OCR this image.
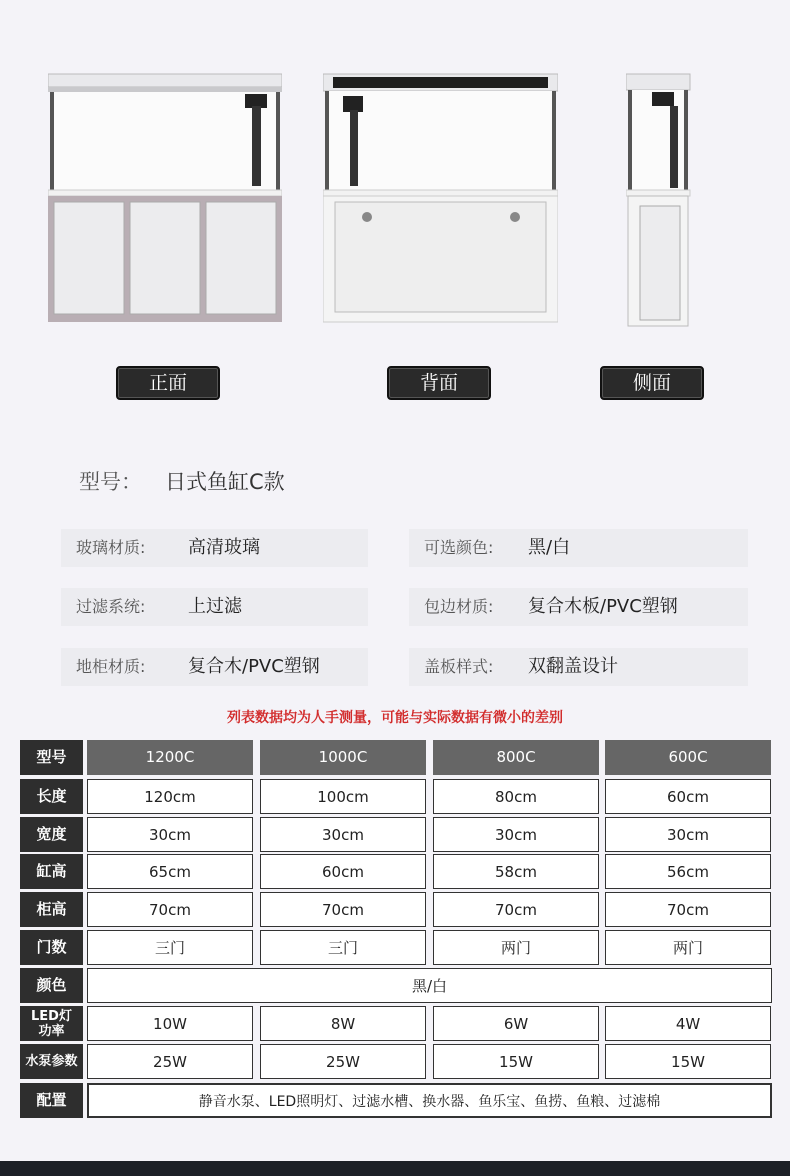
正面	背面	侧面
型号： 日式鱼缸C款
玻璃材质: 高清玻璃	可选颜色: 黑/白
过滤系统: 上过滤	包边材质: 复合木板/PVC塑钢
地柜材质: 复合木/PVC塑钢	盖板样式: 双翻盖设计
列表数据均为人手测量，可能与实际数据有微小的差别
型号	1200C	1000C	800C	600C
长度	120cm	100cm	80cm	60cm
宽度	30cm	30cm	30cm	30cm
缸高	65cm	60cm	58cm	56cm
柜高	70cm	70cm	70cm	70cm
门数	三门	三门	两门	两门
颜色	黑/白
LED灯
功率	10W	8W	6W	4W
水泵参数	25W	25W	15W	15W
配置	静音水泵、LED照明灯、过滤水槽、换水器、鱼乐宝、鱼捞、鱼粮、过滤棉
